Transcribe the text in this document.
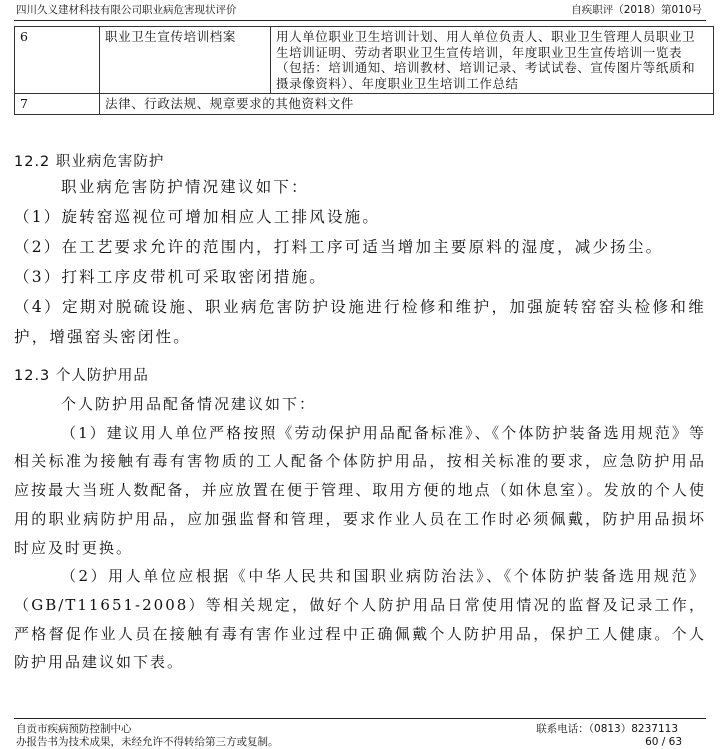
四川久义建材科技有限公司职业病危害现状评价	自疾职评（2018）第010号
6	职业卫生宣传培训档案	用人单位职业卫生培训计划、用人单位负责人、职业卫生管理人员职业卫生培训证明、劳动者职业卫生宣传培训，年度职业卫生宣传培训一览表（包括：培训通知、培训教材、培训记录、考试试卷、宣传图片等纸质和摄录像资料）、年度职业卫生培训工作总结
7	法律、行政法规、规章要求的其他资料文件	
12.2 职业病危害防护
职业病危害防护情况建议如下：
（1）旋转窑巡视位可增加相应人工排风设施。
（2）在工艺要求允许的范围内，打料工序可适当增加主要原料的湿度，减少扬尘。
（3）打料工序皮带机可采取密闭措施。
（4）定期对脱硫设施、职业病危害防护设施进行检修和维护，加强旋转窑窑头检修和维护，增强窑头密闭性。
12.3 个人防护用品
个人防护用品配备情况建议如下：
（1）建议用人单位严格按照《劳动保护用品配备标准》、《个体防护装备选用规范》等相关标准为接触有毒有害物质的工人配备个体防护用品，按相关标准的要求，应急防护用品应按最大当班人数配备，并应放置在便于管理、取用方便的地点（如休息室）。发放的个人使用的职业病防护用品，应加强监督和管理，要求作业人员在工作时必须佩戴，防护用品损坏时应及时更换。
（2）用人单位应根据《中华人民共和国职业病防治法》、《个体防护装备选用规范》（GB/T11651-2008）等相关规定，做好个人防护用品日常使用情况的监督及记录工作，严格督促作业人员在接触有毒有害作业过程中正确佩戴个人防护用品，保护工人健康。个人防护用品建议如下表。
自贡市疾病预防控制中心
办报告书为技术成果，未经允许不得转给第三方或复制。
联系电话：（0813）8237113
60 / 63
